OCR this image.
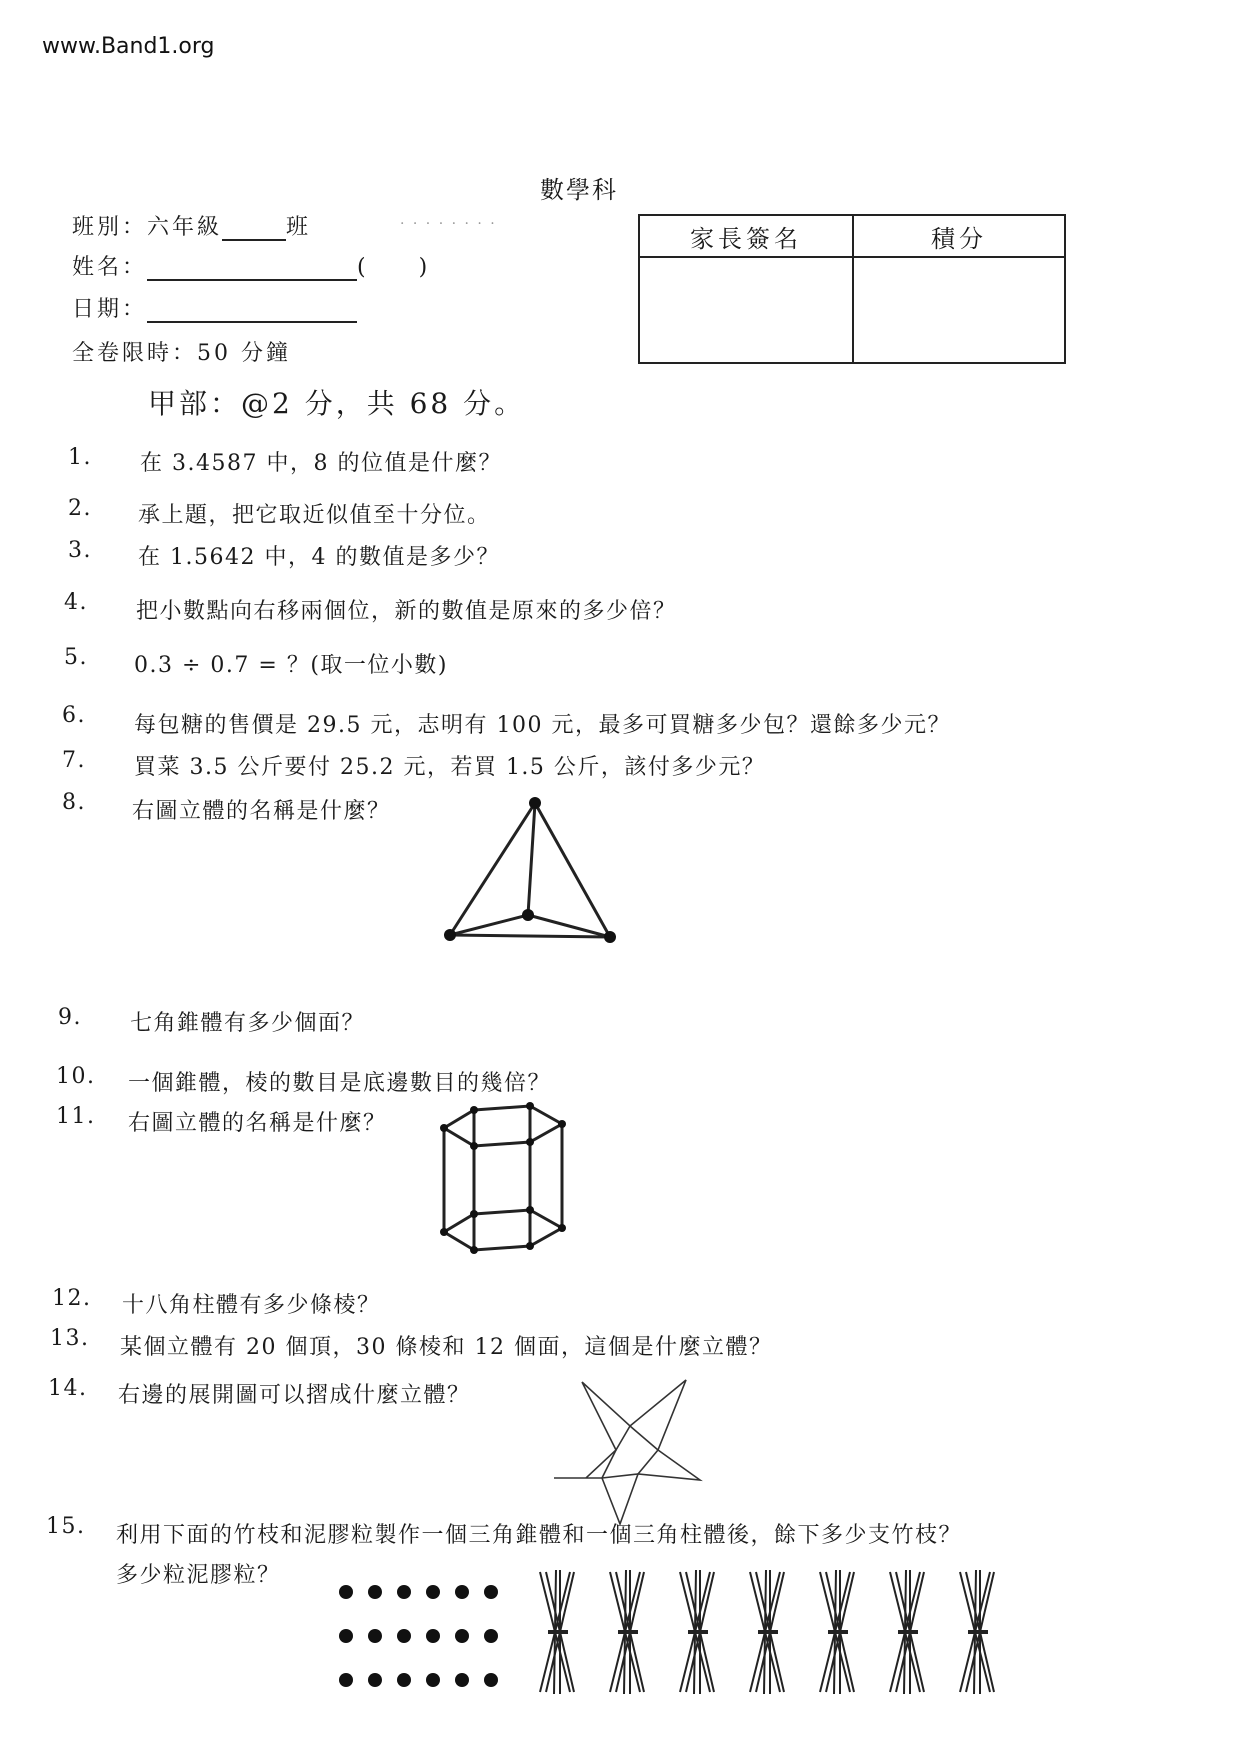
www.Band1.org
數學科
班別：六年級	班	· · · · · · · ·
姓名：	(　　)
日期：
全卷限時：50 分鐘
家長簽名	積分

甲部：@2 分，共 68 分。
1. 在 3.4587 中，8 的位值是什麼？
2. 承上題，把它取近似值至十分位。
3. 在 1.5642 中，4 的數值是多少？
4. 把小數點向右移兩個位，新的數值是原來的多少倍？
5. 0.3 ÷ 0.7 = ？(取一位小數)
6. 每包糖的售價是 29.5 元，志明有 100 元，最多可買糖多少包？還餘多少元？
7. 買菜 3.5 公斤要付 25.2 元，若買 1.5 公斤，該付多少元？
8. 右圖立體的名稱是什麼？
9. 七角錐體有多少個面？
10. 一個錐體，棱的數目是底邊數目的幾倍？
11. 右圖立體的名稱是什麼？
12. 十八角柱體有多少條棱？
13. 某個立體有 20 個頂，30 條棱和 12 個面，這個是什麼立體？
14. 右邊的展開圖可以摺成什麼立體？
15. 利用下面的竹枝和泥膠粒製作一個三角錐體和一個三角柱體後，餘下多少支竹枝？
多少粒泥膠粒？
